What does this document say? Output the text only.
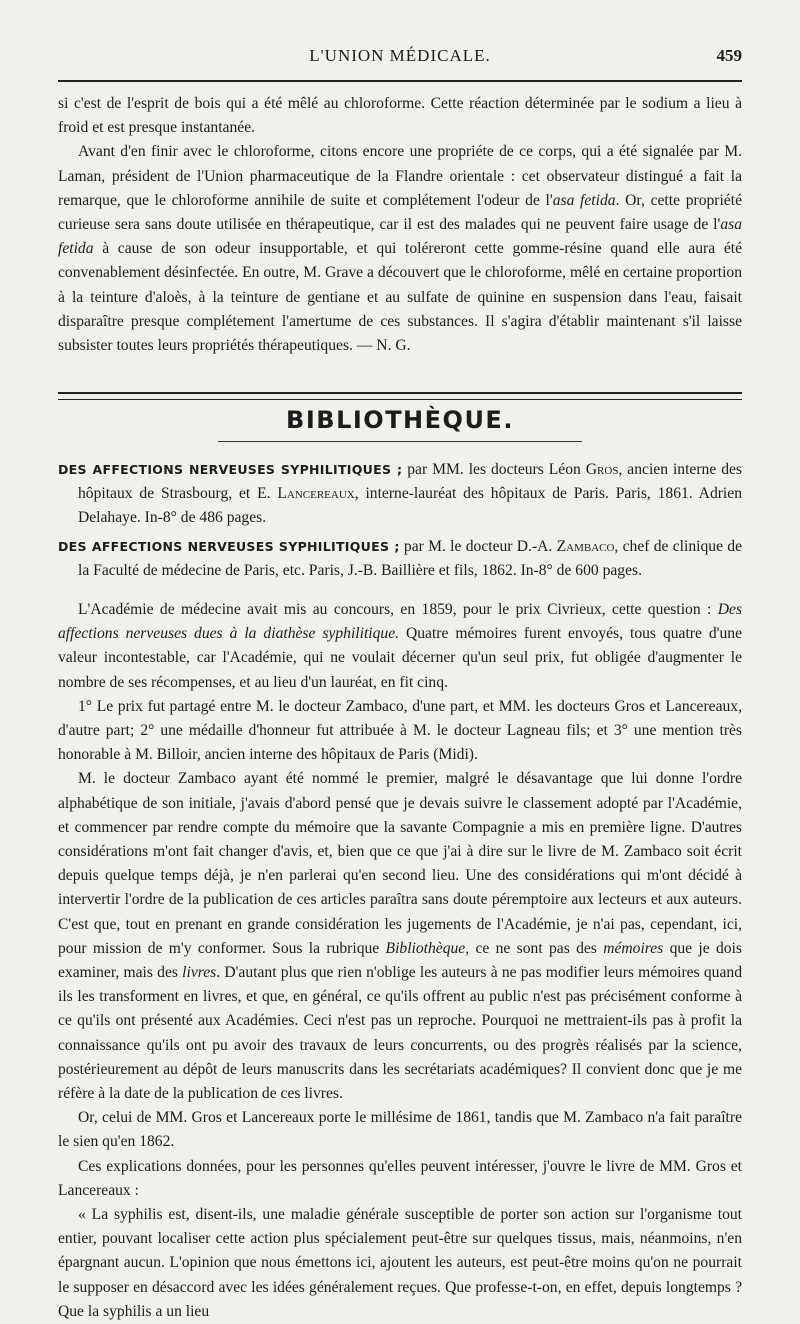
L'UNION MÉDICALE.	459

si c'est de l'esprit de bois qui a été mêlé au chloroforme. Cette réaction déterminée par le sodium a lieu à froid et est presque instantanée.

Avant d'en finir avec le chloroforme, citons encore une propriéte de ce corps, qui a été signalée par M. Laman, président de l'Union pharmaceutique de la Flandre orientale : cet observateur distingué a fait la remarque, que le chloroforme annihile de suite et complétement l'odeur de l'asa fetida. Or, cette propriété curieuse sera sans doute utilisée en thérapeutique, car il est des malades qui ne peuvent faire usage de l'asa fetida à cause de son odeur insupportable, et qui toléreront cette gomme-résine quand elle aura été convenablement désinfectée. En outre, M. Grave a découvert que le chloroforme, mêlé en certaine proportion à la teinture d'aloès, à la teinture de gentiane et au sulfate de quinine en suspension dans l'eau, faisait disparaître presque complétement l'amertume de ces substances. Il s'agira d'établir maintenant s'il laisse subsister toutes leurs propriétés thérapeutiques. — N. G.

BIBLIOTHÈQUE.

DES AFFECTIONS NERVEUSES SYPHILITIQUES ; par MM. les docteurs Léon Gros, ancien interne des hôpitaux de Strasbourg, et E. Lancereaux, interne-lauréat des hôpitaux de Paris. Paris, 1861. Adrien Delahaye. In-8° de 486 pages.

DES AFFECTIONS NERVEUSES SYPHILITIQUES ; par M. le docteur D.-A. Zambaco, chef de clinique de la Faculté de médecine de Paris, etc. Paris, J.-B. Baillière et fils, 1862. In-8° de 600 pages.

L'Académie de médecine avait mis au concours, en 1859, pour le prix Civrieux, cette question : Des affections nerveuses dues à la diathèse syphilitique. Quatre mémoires furent envoyés, tous quatre d'une valeur incontestable, car l'Académie, qui ne voulait décerner qu'un seul prix, fut obligée d'augmenter le nombre de ses récompenses, et au lieu d'un lauréat, en fit cinq.

1° Le prix fut partagé entre M. le docteur Zambaco, d'une part, et MM. les docteurs Gros et Lancereaux, d'autre part; 2° une médaille d'honneur fut attribuée à M. le docteur Lagneau fils; et 3° une mention très honorable à M. Billoir, ancien interne des hôpitaux de Paris (Midi).

M. le docteur Zambaco ayant été nommé le premier, malgré le désavantage que lui donne l'ordre alphabétique de son initiale, j'avais d'abord pensé que je devais suivre le classement adopté par l'Académie, et commencer par rendre compte du mémoire que la savante Compagnie a mis en première ligne. D'autres considérations m'ont fait changer d'avis, et, bien que ce que j'ai à dire sur le livre de M. Zambaco soit écrit depuis quelque temps déjà, je n'en parlerai qu'en second lieu. Une des considérations qui m'ont décidé à intervertir l'ordre de la publication de ces articles paraîtra sans doute péremptoire aux lecteurs et aux auteurs. C'est que, tout en prenant en grande considération les jugements de l'Académie, je n'ai pas, cependant, ici, pour mission de m'y conformer. Sous la rubrique Bibliothèque, ce ne sont pas des mémoires que je dois examiner, mais des livres. D'autant plus que rien n'oblige les auteurs à ne pas modifier leurs mémoires quand ils les transforment en livres, et que, en général, ce qu'ils offrent au public n'est pas précisément conforme à ce qu'ils ont présenté aux Académies. Ceci n'est pas un reproche. Pourquoi ne mettraient-ils pas à profit la connaissance qu'ils ont pu avoir des travaux de leurs concurrents, ou des progrès réalisés par la science, postérieurement au dépôt de leurs manuscrits dans les secrétariats académiques? Il convient donc que je me réfère à la date de la publication de ces livres.

Or, celui de MM. Gros et Lancereaux porte le millésime de 1861, tandis que M. Zambaco n'a fait paraître le sien qu'en 1862.

Ces explications données, pour les personnes qu'elles peuvent intéresser, j'ouvre le livre de MM. Gros et Lancereaux :

« La syphilis est, disent-ils, une maladie générale susceptible de porter son action sur l'organisme tout entier, pouvant localiser cette action plus spécialement peut-être sur quelques tissus, mais, néanmoins, n'en épargnant aucun. L'opinion que nous émettons ici, ajoutent les auteurs, est peut-être moins qu'on ne pourrait le supposer en désaccord avec les idées généralement reçues. Que professe-t-on, en effet, depuis longtemps ? Que la syphilis a un lieu
